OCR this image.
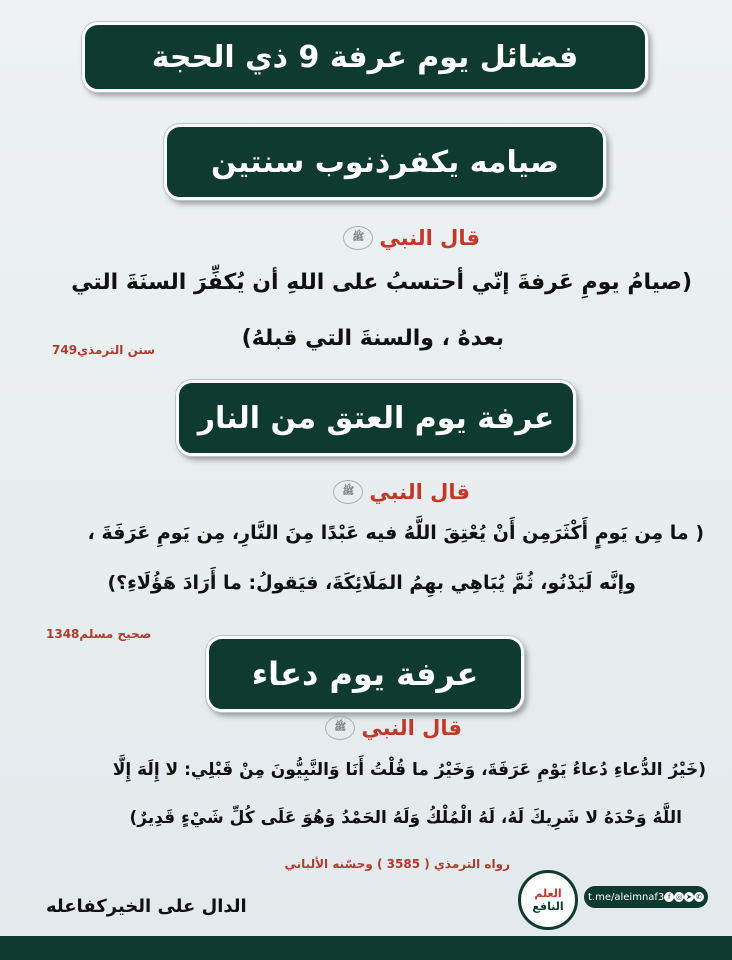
فضائل يوم عرفة 9 ذي الحجة
صيامه يكفرذنوب سنتين
قال النبي
ﷺ
(صيامُ يومِ عَرفةَ إنّي أحتسبُ على اللهِ أن يُكفِّرَ السنَةَ التي
بعدهُ ، والسنةَ التي قبلهُ)
سنن الترمذي749
عرفة يوم العتق من النار
قال النبي
ﷺ
( ما مِن يَومٍ أَكْثَرَمِن أَنْ يُعْتِقَ اللَّهُ فيه عَبْدًا مِنَ النَّارِ، مِن يَومِ عَرَفَةَ ،
وإنَّه لَيَدْنُو، ثُمَّ يُبَاهِي بهِمُ المَلَائِكَةَ، فيَقولُ: ما أَرَادَ هَؤُلَاءِ؟)
صحيح مسلم1348
عرفة يوم دعاء
قال النبي
ﷺ
(خَيْرُ الدُّعاءِ دُعاءُ يَوْمِ عَرَفَةَ، وَخَيْرُ ما قُلْتُ أَنَا وَالنَّبِيُّونَ مِنْ قَبْلِي: لا إِلَهَ إِلَّا
اللَّهُ وَحْدَهُ لا شَرِيكَ لَهُ، لَهُ الْمُلْكُ وَلَهُ الحَمْدُ وَهُوَ عَلَى كُلِّ شَيْءٍ قَدِيرٌ)
رواه الترمذي ( 3585 ) وحسّنه الألباني
الدال على الخيركفاعله
العلم
النافع
t.me/aleimnaf3 f ◎ ➤ ✆
